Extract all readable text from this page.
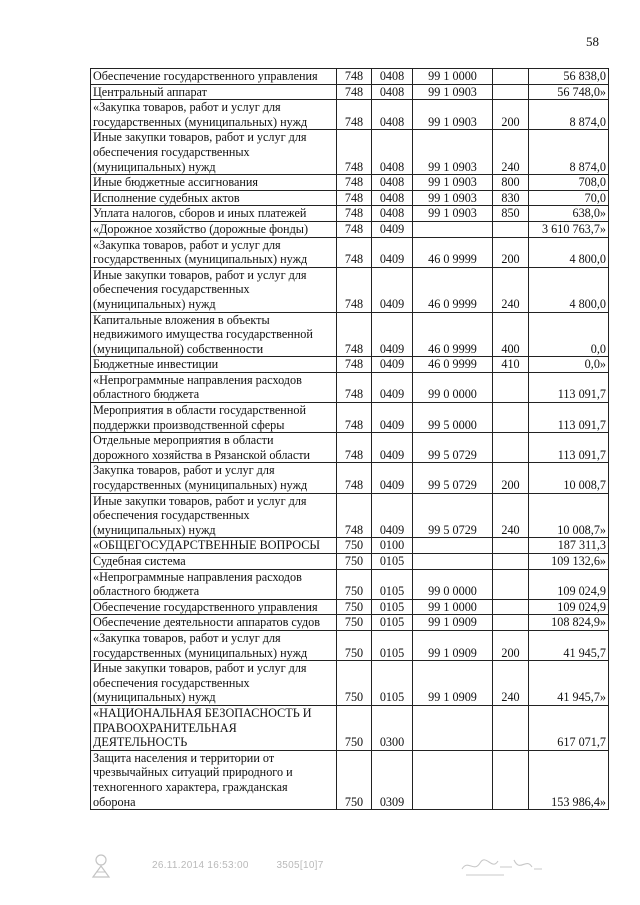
58
Обеспечение государственного управления	748	0408	99 1 0000		56 838,0
Центральный аппарат	748	0408	99 1 0903		56 748,0»
«Закупка товаров, работ и услуг для
государственных (муниципальных) нужд	748	0408	99 1 0903	200	8 874,0
Иные закупки товаров, работ и услуг для
обеспечения государственных
(муниципальных) нужд	748	0408	99 1 0903	240	8 874,0
Иные бюджетные ассигнования	748	0408	99 1 0903	800	708,0
Исполнение судебных актов	748	0408	99 1 0903	830	70,0
Уплата налогов, сборов и иных платежей	748	0408	99 1 0903	850	638,0»
«Дорожное хозяйство (дорожные фонды)	748	0409			3 610 763,7»
«Закупка товаров, работ и услуг для
государственных (муниципальных) нужд	748	0409	46 0 9999	200	4 800,0
Иные закупки товаров, работ и услуг для
обеспечения государственных
(муниципальных) нужд	748	0409	46 0 9999	240	4 800,0
Капитальные вложения в объекты
недвижимого имущества государственной
(муниципальной) собственности	748	0409	46 0 9999	400	0,0
Бюджетные инвестиции	748	0409	46 0 9999	410	0,0»
«Непрограммные направления расходов
областного бюджета	748	0409	99 0 0000		113 091,7
Мероприятия в области государственной
поддержки производственной сферы	748	0409	99 5 0000		113 091,7
Отдельные мероприятия в области
дорожного хозяйства в Рязанской области	748	0409	99 5 0729		113 091,7
Закупка товаров, работ и услуг для
государственных (муниципальных) нужд	748	0409	99 5 0729	200	10 008,7
Иные закупки товаров, работ и услуг для
обеспечения государственных
(муниципальных) нужд	748	0409	99 5 0729	240	10 008,7»
«ОБЩЕГОСУДАРСТВЕННЫЕ ВОПРОСЫ	750	0100			187 311,3
Судебная система	750	0105			109 132,6»
«Непрограммные направления расходов
областного бюджета	750	0105	99 0 0000		109 024,9
Обеспечение государственного управления	750	0105	99 1 0000		109 024,9
Обеспечение деятельности аппаратов судов	750	0105	99 1 0909		108 824,9»
«Закупка товаров, работ и услуг для
государственных (муниципальных) нужд	750	0105	99 1 0909	200	41 945,7
Иные закупки товаров, работ и услуг для
обеспечения государственных
(муниципальных) нужд	750	0105	99 1 0909	240	41 945,7»
«НАЦИОНАЛЬНАЯ БЕЗОПАСНОСТЬ И
ПРАВООХРАНИТЕЛЬНАЯ
ДЕЯТЕЛЬНОСТЬ	750	0300			617 071,7
Защита населения и территории от
чрезвычайных ситуаций природного и
техногенного характера, гражданская
оборона	750	0309			153 986,4»
26.11.2014 16:53:00	3505[10]7
